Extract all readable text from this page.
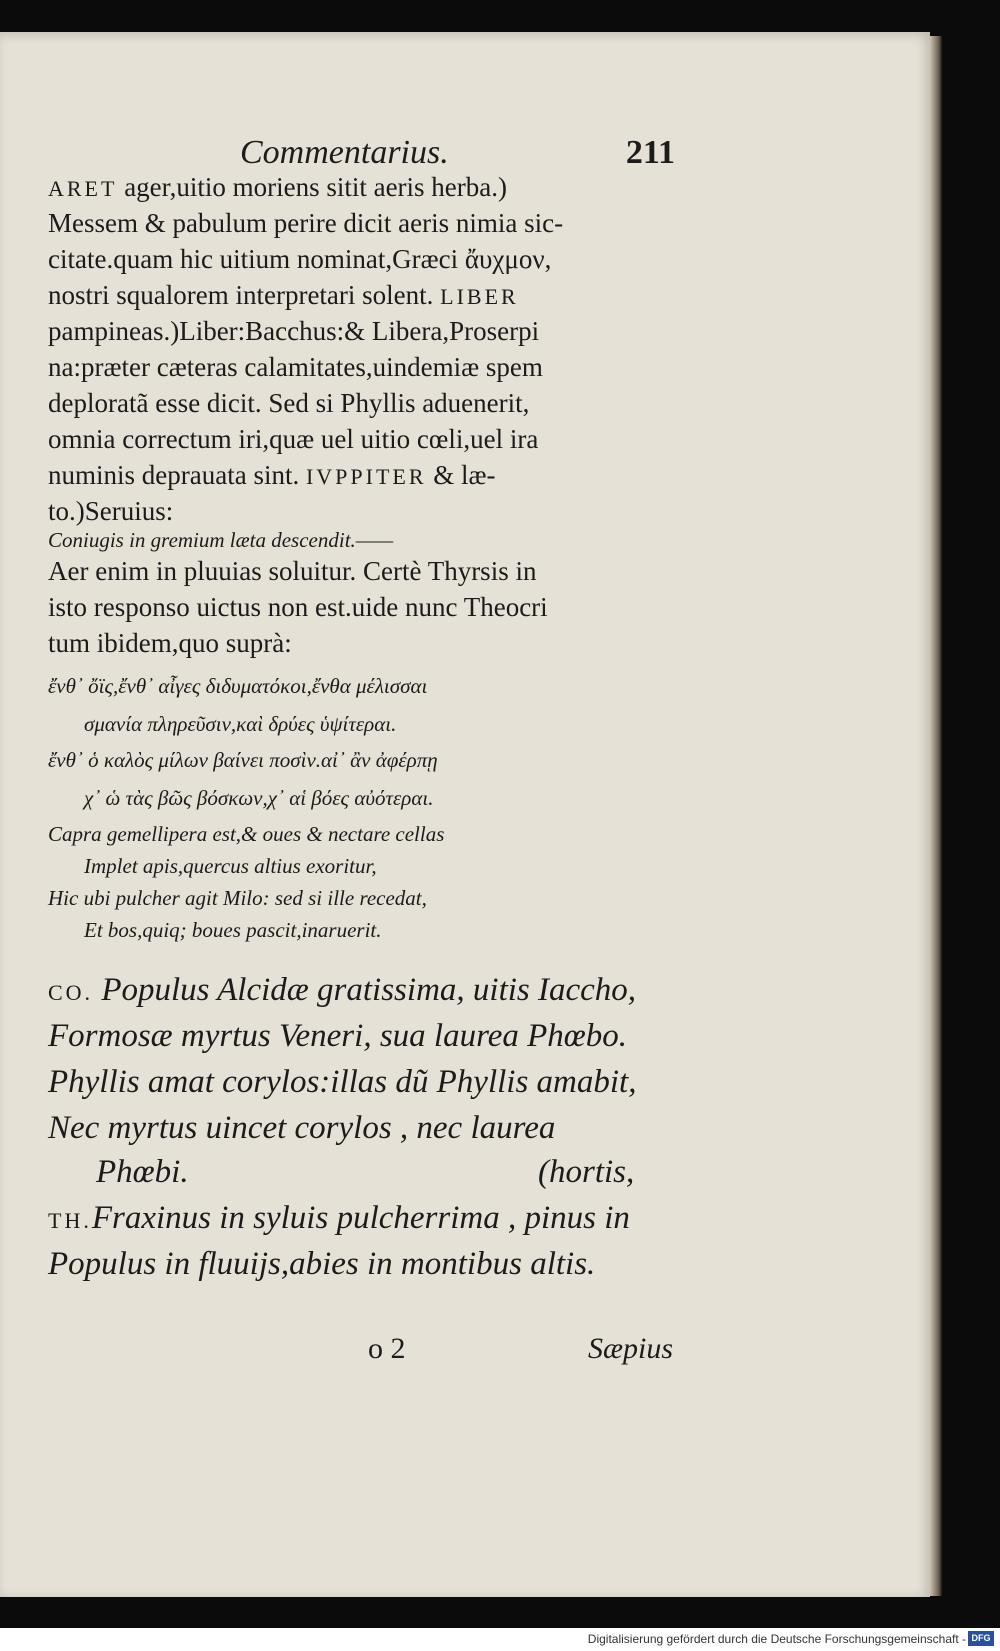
Commentarius.	211
ARET ager,uitio moriens sitit aeris herba.)
Messem & pabulum perire dicit aeris nimia sic-
citate.quam hic uitium nominat,Græci ἄυχμον,
nostri squalorem interpretari solent. LIBER
pampineas.)Liber:Bacchus:& Libera,Proserpi
na:præter cæteras calamitates,uindemiæ spem
deploratã esse dicit. Sed si Phyllis aduenerit,
omnia correctum iri,quæ uel uitio cœli,uel ira
numinis deprauata sint. IVPPITER & læ-
to.)Seruius:
Coniugis in gremium læta descendit.——
Aer enim in pluuias soluitur. Certè Thyrsis in
isto responso uictus non est.uide nunc Theocri
tum ibidem,quo suprà:
ἔνθ᾽ ὄϊς,ἔνθ᾽ αἶγες διδυματόκοι,ἔνθα μέλισσαι
σμανία πληρεῦσιν,καὶ δρύες ὑψίτεραι.
ἔνθ᾽ ὁ καλὸς μίλων βαίνει ποσὶν.αἰ᾽ ἂν ἀφέρπῃ
χ᾽ ὡ τὰς βῶς βόσκων,χ᾽ αἱ βόες αὐότεραι.
Capra gemellipera est,& oues & nectare cellas
Implet apis,quercus altius exoritur,
Hic ubi pulcher agit Milo: sed si ille recedat,
Et bos,quiq; boues pascit,inaruerit.
CO. Populus Alcidæ gratissima, uitis Iaccho,
Formosæ myrtus Veneri, sua laurea Phœbo.
Phyllis amat corylos:illas dũ Phyllis amabit,
Nec myrtus uincet corylos , nec laurea
Phœbi.	(hortis,
TH.Fraxinus in syluis pulcherrima , pinus in
Populus in fluuijs,abies in montibus altis.
o 2	Sæpius
Digitalisierung gefördert durch die Deutsche Forschungsgemeinschaft - DFG
